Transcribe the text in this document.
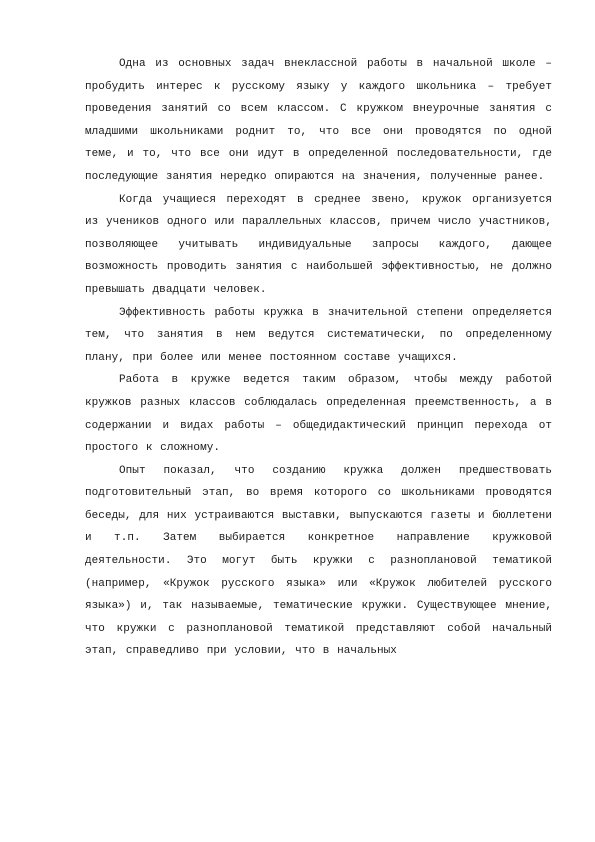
Одна из основных задач внеклассной работы в начальной школе – пробудить интерес к русскому языку у каждого школьника – требует проведения занятий со всем классом. С кружком внеурочные занятия с младшими школьниками роднит то, что все они проводятся по одной теме, и то, что все они идут в определенной последовательности, где последующие занятия нередко опираются на значения, полученные ранее.

Когда учащиеся переходят в среднее звено, кружок организуется из учеников одного или параллельных классов, причем число участников, позволяющее учитывать индивидуальные запросы каждого, дающее возможность проводить занятия с наибольшей эффективностью, не должно превышать двадцати человек.

Эффективность работы кружка в значительной степени определяется тем, что занятия в нем ведутся систематически, по определенному плану, при более или менее постоянном составе учащихся.

Работа в кружке ведется таким образом, чтобы между работой кружков разных классов соблюдалась определенная преемственность, а в содержании и видах работы – общедидактический принцип перехода от простого к сложному.

Опыт показал, что созданию кружка должен предшествовать подготовительный этап, во время которого со школьниками проводятся беседы, для них устраиваются выставки, выпускаются газеты и бюллетени и т.п. Затем выбирается конкретное направление кружковой деятельности. Это могут быть кружки с разноплановой тематикой (например, «Кружок русского языка» или «Кружок любителей русского языка») и, так называемые, тематические кружки. Существующее мнение, что кружки с разноплановой тематикой представляют собой начальный этап, справедливо при условии, что в начальных
